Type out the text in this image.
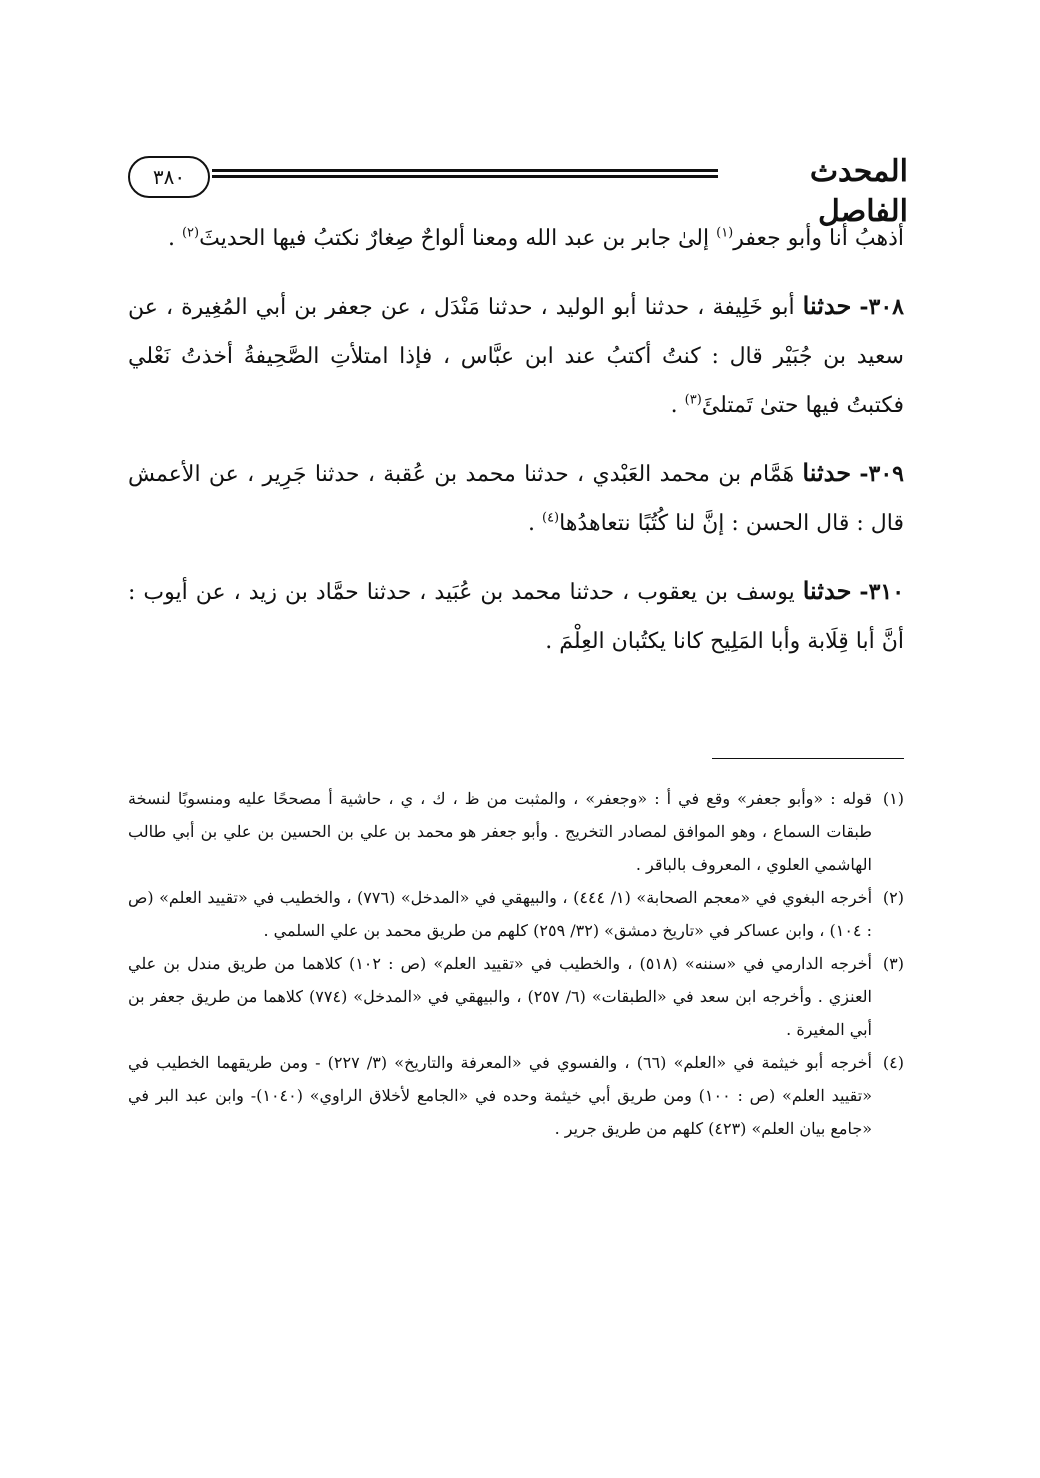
٣٨٠	المحدث الفاصل

أذهبُ أنا وأبو جعفر$^{(١)}$ إلىٰ جابر بن عبد الله ومعنا ألواحٌ صِغارٌ نكتبُ فيها الحديثَ$^{(٢)}$ .

٣٠٨- حدثنا أبو خَلِيفة ، حدثنا أبو الوليد ، حدثنا مَنْدَل ، عن جعفر بن أبي المُغِيرة ، عن سعيد بن جُبَيْر قال : كنتُ أكتبُ عند ابن عبَّاس ، فإذا امتلأتِ الصَّحِيفةُ أخذتُ نَعْلي فكتبتُ فيها حتىٰ تَمتلئَ$^{(٣)}$ .

٣٠٩- حدثنا هَمَّام بن محمد العَبْدي ، حدثنا محمد بن عُقبة ، حدثنا جَرِير ، عن الأعمش قال : قال الحسن : إنَّ لنا كُتُبًا نتعاهدُها$^{(٤)}$ .

٣١٠- حدثنا يوسف بن يعقوب ، حدثنا محمد بن عُبَيد ، حدثنا حمَّاد بن زيد ، عن أيوب : أنَّ أبا قِلَابة وأبا المَلِيح كانا يكتُبان العِلْمَ .

(١)
قوله : «وأبو جعفر» وقع في أ : «وجعفر» ، والمثبت من ظ ، ك ، ي ، حاشية أ مصححًا عليه ومنسوبًا لنسخة طبقات السماع ، وهو الموافق لمصادر التخريج . وأبو جعفر هو محمد بن علي بن الحسين بن علي بن أبي طالب الهاشمي العلوي ، المعروف بالباقر .

(٢)
أخرجه البغوي في «معجم الصحابة» (١/ ٤٤٤) ، والبيهقي في «المدخل» (٧٧٦) ، والخطيب في «تقييد العلم» (ص : ١٠٤) ، وابن عساكر في «تاريخ دمشق» (٣٢/ ٢٥٩) كلهم من طريق محمد بن علي السلمي .

(٣)
أخرجه الدارمي في «سننه» (٥١٨) ، والخطيب في «تقييد العلم» (ص : ١٠٢) كلاهما من طريق مندل بن علي العنزي . وأخرجه ابن سعد في «الطبقات» (٦/ ٢٥٧) ، والبيهقي في «المدخل» (٧٧٤) كلاهما من طريق جعفر بن أبي المغيرة .

(٤)
أخرجه أبو خيثمة في «العلم» (٦٦) ، والفسوي في «المعرفة والتاريخ» (٣/ ٢٢٧) - ومن طريقهما الخطيب في «تقييد العلم» (ص : ١٠٠) ومن طريق أبي خيثمة وحده في «الجامع لأخلاق الراوي» (١٠٤٠)- وابن عبد البر في «جامع بيان العلم» (٤٢٣) كلهم من طريق جرير .
